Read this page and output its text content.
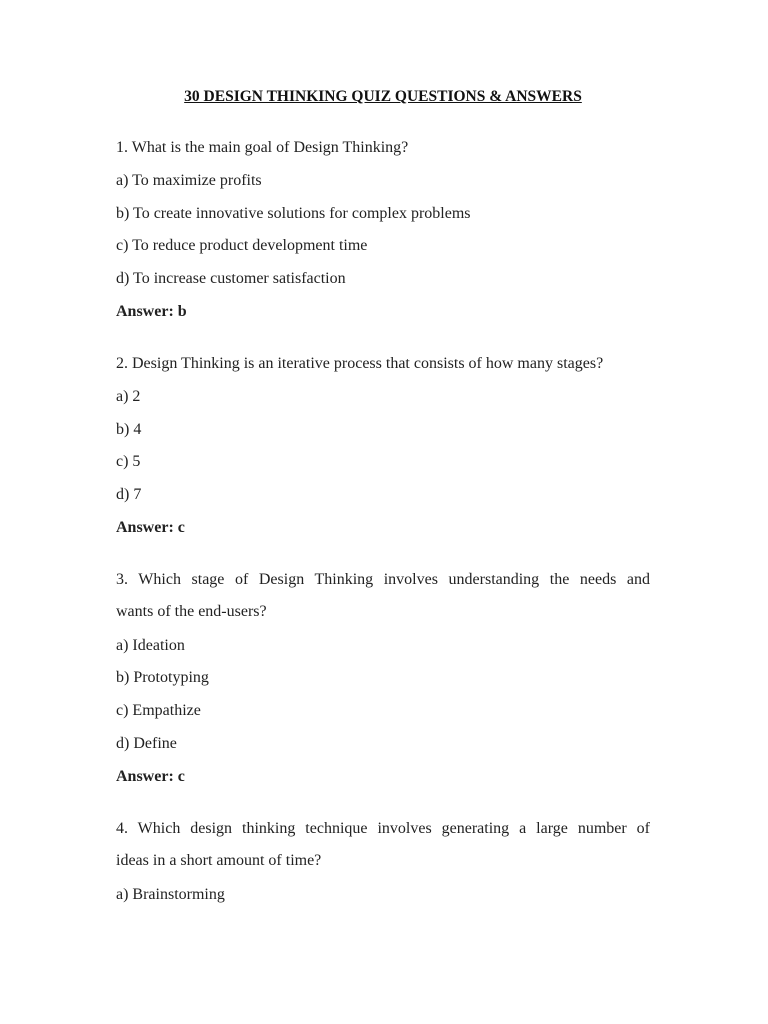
30 DESIGN THINKING QUIZ QUESTIONS & ANSWERS

1. What is the main goal of Design Thinking?

a) To maximize profits

b) To create innovative solutions for complex problems

c) To reduce product development time

d) To increase customer satisfaction

Answer: b

2. Design Thinking is an iterative process that consists of how many stages?

a) 2

b) 4

c) 5

d) 7

Answer: c

3. Which stage of Design Thinking involves understanding the needs and

wants of the end-users?

a) Ideation

b) Prototyping

c) Empathize

d) Define

Answer: c

4. Which design thinking technique involves generating a large number of

ideas in a short amount of time?

a) Brainstorming
